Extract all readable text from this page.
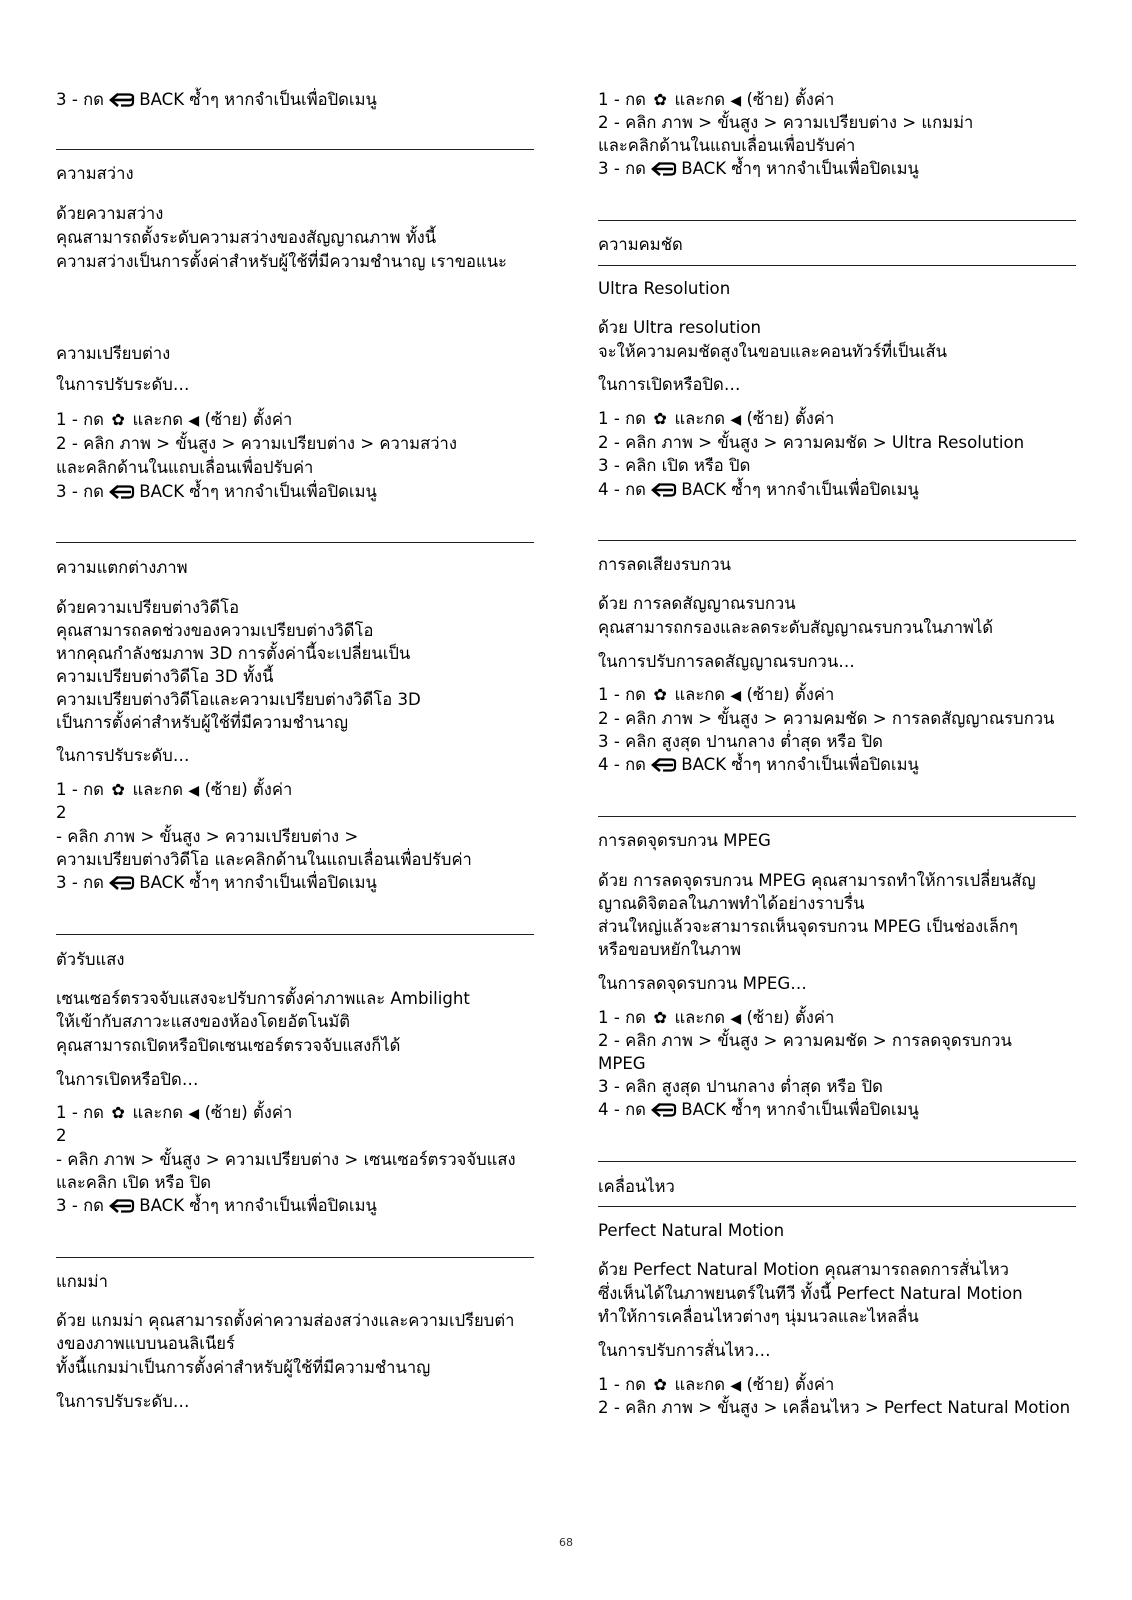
3 - กด BACK ซ้ำๆ หากจำเป็นเพื่อปิดเมนู
ความสว่าง
ด้วยความสว่าง
คุณสามารถตั้งระดับความสว่างของสัญญาณภาพ ทั้งนี้
ความสว่างเป็นการตั้งค่าสำหรับผู้ใช้ที่มีความชำนาญ เราขอแนะ
ความเปรียบต่าง
ในการปรับระดับ…
1 - กด ✿ และกด ◀ (ซ้าย) ตั้งค่า
2 - คลิก ภาพ > ขั้นสูง > ความเปรียบต่าง > ความสว่าง
และคลิกด้านในแถบเลื่อนเพื่อปรับค่า
3 - กด BACK ซ้ำๆ หากจำเป็นเพื่อปิดเมนู
ความแตกต่างภาพ
ด้วยความเปรียบต่างวิดีโอ
คุณสามารถลดช่วงของความเปรียบต่างวิดีโอ
หากคุณกำลังชมภาพ 3D การตั้งค่านี้จะเปลี่ยนเป็น
ความเปรียบต่างวิดีโอ 3D ทั้งนี้
ความเปรียบต่างวิดีโอและความเปรียบต่างวิดีโอ 3D
เป็นการตั้งค่าสำหรับผู้ใช้ที่มีความชำนาญ
ในการปรับระดับ…
1 - กด ✿ และกด ◀ (ซ้าย) ตั้งค่า
2
- คลิก ภาพ > ขั้นสูง > ความเปรียบต่าง >
ความเปรียบต่างวิดีโอ และคลิกด้านในแถบเลื่อนเพื่อปรับค่า
3 - กด BACK ซ้ำๆ หากจำเป็นเพื่อปิดเมนู
ตัวรับแสง
เซนเซอร์ตรวจจับแสงจะปรับการตั้งค่าภาพและ Ambilight
ให้เข้ากับสภาวะแสงของห้องโดยอัตโนมัติ
คุณสามารถเปิดหรือปิดเซนเซอร์ตรวจจับแสงก็ได้
ในการเปิดหรือปิด…
1 - กด ✿ และกด ◀ (ซ้าย) ตั้งค่า
2
- คลิก ภาพ > ขั้นสูง > ความเปรียบต่าง > เซนเซอร์ตรวจจับแสง
และคลิก เปิด หรือ ปิด
3 - กด BACK ซ้ำๆ หากจำเป็นเพื่อปิดเมนู
แกมม่า
ด้วย แกมม่า คุณสามารถตั้งค่าความส่องสว่างและความเปรียบต่า
งของภาพแบบนอนลิเนียร์
ทั้งนี้แกมม่าเป็นการตั้งค่าสำหรับผู้ใช้ที่มีความชำนาญ
ในการปรับระดับ…
1 - กด ✿ และกด ◀ (ซ้าย) ตั้งค่า
2 - คลิก ภาพ > ขั้นสูง > ความเปรียบต่าง > แกมม่า
และคลิกด้านในแถบเลื่อนเพื่อปรับค่า
3 - กด BACK ซ้ำๆ หากจำเป็นเพื่อปิดเมนู
ความคมชัด
Ultra Resolution
ด้วย Ultra resolution
จะให้ความคมชัดสูงในขอบและคอนทัวร์ที่เป็นเส้น
ในการเปิดหรือปิด…
1 - กด ✿ และกด ◀ (ซ้าย) ตั้งค่า
2 - คลิก ภาพ > ขั้นสูง > ความคมชัด > Ultra Resolution
3 - คลิก เปิด หรือ ปิด
4 - กด BACK ซ้ำๆ หากจำเป็นเพื่อปิดเมนู
การลดเสียงรบกวน
ด้วย การลดสัญญาณรบกวน
คุณสามารถกรองและลดระดับสัญญาณรบกวนในภาพได้
ในการปรับการลดสัญญาณรบกวน…
1 - กด ✿ และกด ◀ (ซ้าย) ตั้งค่า
2 - คลิก ภาพ > ขั้นสูง > ความคมชัด > การลดสัญญาณรบกวน
3 - คลิก สูงสุด ปานกลาง ต่ำสุด หรือ ปิด
4 - กด BACK ซ้ำๆ หากจำเป็นเพื่อปิดเมนู
การลดจุดรบกวน MPEG
ด้วย การลดจุดรบกวน MPEG คุณสามารถทำให้การเปลี่ยนสัญ
ญาณดิจิตอลในภาพทำได้อย่างราบรื่น
ส่วนใหญ่แล้วจะสามารถเห็นจุดรบกวน MPEG เป็นช่องเล็กๆ
หรือขอบหยักในภาพ
ในการลดจุดรบกวน MPEG…
1 - กด ✿ และกด ◀ (ซ้าย) ตั้งค่า
2 - คลิก ภาพ > ขั้นสูง > ความคมชัด > การลดจุดรบกวน
MPEG
3 - คลิก สูงสุด ปานกลาง ต่ำสุด หรือ ปิด
4 - กด BACK ซ้ำๆ หากจำเป็นเพื่อปิดเมนู
เคลื่อนไหว
Perfect Natural Motion
ด้วย Perfect Natural Motion คุณสามารถลดการสั่นไหว
ซึ่งเห็นได้ในภาพยนตร์ในทีวี ทั้งนี้ Perfect Natural Motion
ทำให้การเคลื่อนไหวต่างๆ นุ่มนวลและไหลลื่น
ในการปรับการสั่นไหว…
1 - กด ✿ และกด ◀ (ซ้าย) ตั้งค่า
2 - คลิก ภาพ > ขั้นสูง > เคลื่อนไหว > Perfect Natural Motion
68
